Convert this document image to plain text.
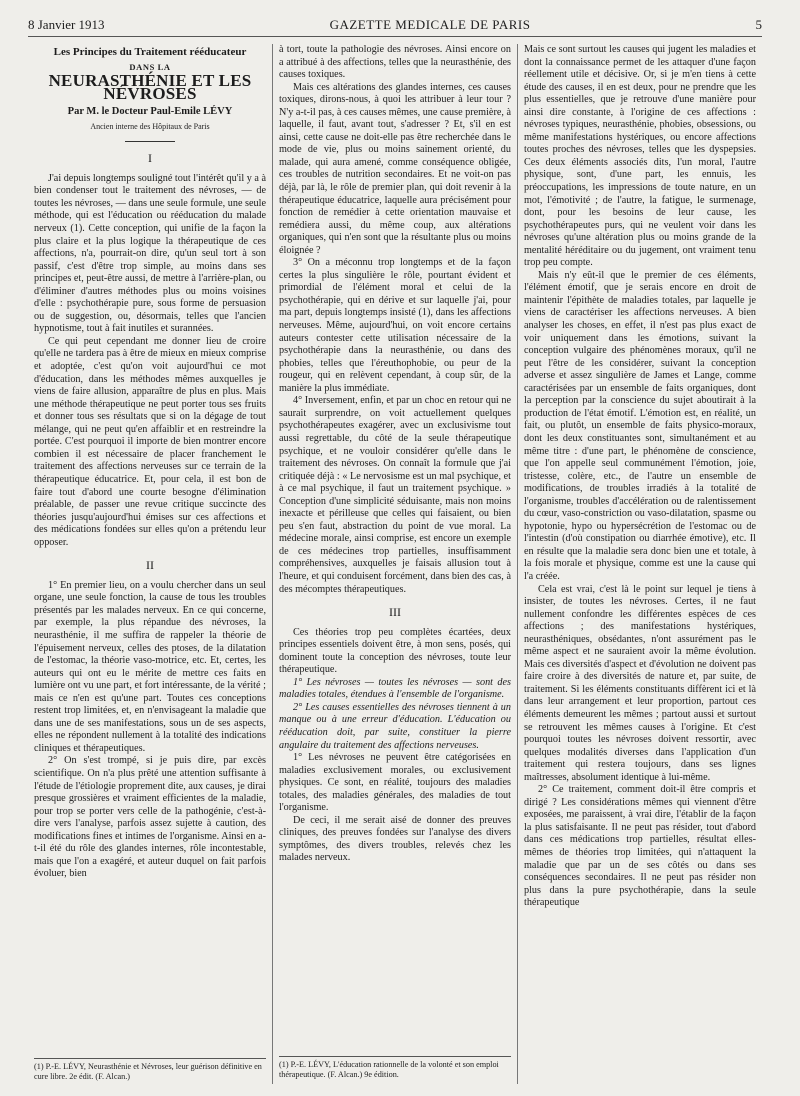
8 Janvier 1913	GAZETTE MEDICALE DE PARIS	5
Les Principes du Traitement rééducateur
DANS LA
NEURASTHÉNIE ET LES NÉVROSES
Par M. le Docteur Paul-Emile LÉVY
Ancien interne des Hôpitaux de Paris
I

J'ai depuis longtemps souligné tout l'intérêt qu'il y a à bien condenser tout le traitement des névroses, — de toutes les névroses, — dans une seule formule, une seule méthode, qui est l'éducation ou rééducation du malade nerveux (1). Cette conception, qui unifie de la façon la plus claire et la plus logique la thérapeutique de ces affections, n'a, pourrait-on dire, qu'un seul tort à son passif, c'est d'être trop simple, au moins dans ses principes et, peut-être aussi, de mettre à l'arrière-plan, ou d'éliminer d'autres méthodes plus ou moins voisines d'elle : psychothérapie pure, sous forme de persuasion ou de suggestion, ou, désormais, telles que l'ancien hypnotisme, tout à fait inutiles et surannées.

Ce qui peut cependant me donner lieu de croire qu'elle ne tardera pas à être de mieux en mieux comprise et adoptée, c'est qu'on voit aujourd'hui ce mot d'éducation, dans les méthodes mêmes auxquelles je viens de faire allusion, apparaître de plus en plus. Mais une méthode thérapeutique ne peut porter tous ses fruits et donner tous ses résultats que si on la dégage de tout mélange, qui ne peut qu'en affaiblir et en restreindre la portée. C'est pourquoi il importe de bien montrer encore combien il est nécessaire de placer franchement le traitement des affections nerveuses sur ce terrain de la thérapeutique éducatrice. Et, pour cela, il est bon de faire tout d'abord une courte besogne d'élimination préalable, de passer une revue critique succincte des théories jusqu'aujourd'hui émises sur ces affections et des médications fondées sur elles qu'on a prétendu leur opposer.

II

1° En premier lieu, on a voulu chercher dans un seul organe, une seule fonction, la cause de tous les troubles présentés par les malades nerveux. En ce qui concerne, par exemple, la plus répandue des névroses, la neurasthénie, il me suffira de rappeler la théorie de l'épuisement nerveux, celles des ptoses, de la dilatation de l'estomac, la théorie vaso-motrice, etc. Et, certes, les auteurs qui ont eu le mérite de mettre ces faits en lumière ont vu une part, et fort intéressante, de la vérité ; mais ce n'en est qu'une part. Toutes ces conceptions restent trop limitées, et, en n'envisageant la maladie que dans une de ses manifestations, sous un de ses aspects, elles ne répondent nullement à la totalité des indications cliniques et thérapeutiques.

2° On s'est trompé, si je puis dire, par excès scientifique. On n'a plus prêté une attention suffisante à l'étude de l'étiologie proprement dite, aux causes, je dirai presque grossières et vraiment efficientes de la maladie, pour trop se porter vers celle de la pathogénie, c'est-à-dire vers l'analyse, parfois assez sujette à caution, des modifications fines et intimes de l'organisme. Ainsi en a-t-il été du rôle des glandes internes, rôle incontestable, mais que l'on a exagéré, et auteur duquel on fait parfois évoluer, bien

(1) P.-E. LÉVY, Neurasthénie et Névroses, leur guérison définitive en cure libre. 2e édit. (F. Alcan.)

à tort, toute la pathologie des névroses. Ainsi encore on a attribué à des affections, telles que la neurasthénie, des causes toxiques.

Mais ces altérations des glandes internes, ces causes toxiques, dirons-nous, à quoi les attribuer à leur tour ? N'y a-t-il pas, à ces causes mêmes, une cause première, à laquelle, il faut, avant tout, s'adresser ? Et, s'il en est ainsi, cette cause ne doit-elle pas être recherchée dans le mode de vie, plus ou moins sainement orienté, du malade, qui aura amené, comme conséquence obligée, ces troubles de nutrition secondaires. Et ne voit-on pas déjà, par là, le rôle de premier plan, qui doit revenir à la thérapeutique éducatrice, laquelle aura précisément pour fonction de remédier à cette orientation mauvaise et remédiera aussi, du même coup, aux altérations organiques, qui n'en sont que la résultante plus ou moins éloignée ?

3° On a méconnu trop longtemps et de la façon certes la plus singulière le rôle, pourtant évident et primordial de l'élément moral et celui de la psychothérapie, qui en dérive et sur laquelle j'ai, pour ma part, depuis longtemps insisté (1), dans les affections nerveuses. Même, aujourd'hui, on voit encore certains auteurs contester cette utilisation nécessaire de la psychothérapie dans la neurasthénie, ou dans des phobies, telles que l'éreuthophobie, ou peur de la rougeur, qui en relèvent cependant, à coup sûr, de la manière la plus immédiate.

4° Inversement, enfin, et par un choc en retour qui ne saurait surprendre, on voit actuellement quelques psychothérapeutes exagérer, avec un exclusivisme tout aussi regrettable, du côté de la seule thérapeutique psychique, et ne vouloir considérer qu'elle dans le traitement des névroses. On connaît la formule que j'ai critiquée déjà : « Le nervosisme est un mal psychique, et à ce mal psychique, il faut un traitement psychique. » Conception d'une simplicité séduisante, mais non moins inexacte et périlleuse que celles qui faisaient, ou bien peu s'en faut, abstraction du point de vue moral. La médecine morale, ainsi comprise, est encore un exemple de ces médecines trop partielles, insuffisamment compréhensives, auxquelles je faisais allusion tout à l'heure, et qui conduisent forcément, dans bien des cas, à des mécomptes thérapeutiques.

III

Ces théories trop peu complètes écartées, deux principes essentiels doivent être, à mon sens, posés, qui dominent toute la conception des névroses, toute leur thérapeutique.

1° Les névroses — toutes les névroses — sont des maladies totales, étendues à l'ensemble de l'organisme.

2° Les causes essentielles des névroses tiennent à un manque ou à une erreur d'éducation. L'éducation ou rééducation doit, par suite, constituer la pierre angulaire du traitement des affections nerveuses.

1° Les névroses ne peuvent être catégorisées en maladies exclusivement morales, ou exclusivement physiques. Ce sont, en réalité, toujours des maladies totales, des maladies générales, des maladies de tout l'organisme.

De ceci, il me serait aisé de donner des preuves cliniques, des preuves fondées sur l'analyse des divers symptômes, des divers troubles, relevés chez les malades nerveux.

(1) P.-E. LÉVY, L'éducation rationnelle de la volonté et son emploi thérapeutique. (F. Alcan.) 9e édition.

Mais ce sont surtout les causes qui jugent les maladies et dont la connaissance permet de les attaquer d'une façon réellement utile et décisive. Or, si je m'en tiens à cette étude des causes, il en est deux, pour ne prendre que les plus essentielles, que je retrouve d'une manière pour ainsi dire constante, à l'origine de ces affections : névroses typiques, neurasthénie, phobies, obsessions, ou même manifestations hystériques, ou encore affections toutes proches des névroses, telles que les dyspepsies. Ces deux éléments associés dits, l'un moral, l'autre physique, sont, d'une part, les ennuis, les préoccupations, les impressions de toute nature, en un mot, l'émotivité ; de l'autre, la fatigue, le surmenage, dont, pour les besoins de leur cause, les psychothérapeutes purs, qui ne veulent voir dans les névroses qu'une altération plus ou moins grande de la mentalité héréditaire ou du jugement, ont vraiment tenu trop peu compte.

Mais n'y eût-il que le premier de ces éléments, l'élément émotif, que je serais encore en droit de maintenir l'épithète de maladies totales, par laquelle je viens de caractériser les affections nerveuses. A bien analyser les choses, en effet, il n'est pas plus exact de voir uniquement dans les émotions, suivant la conception vulgaire des phénomènes moraux, qu'il ne peut l'être de les considérer, suivant la conception adverse et assez singulière de James et Lange, comme caractérisées par un ensemble de faits organiques, dont la perception par la conscience du sujet aboutirait à la production de l'état émotif. L'émotion est, en réalité, un fait, ou plutôt, un ensemble de faits physico-moraux, dont les deux constituantes sont, simultanément et au même titre : d'une part, le phénomène de conscience, que l'on appelle seul communément l'émotion, joie, tristesse, colère, etc., de l'autre un ensemble de modifications, de troubles irradiés à la totalité de l'organisme, troubles d'accélération ou de ralentissement du cœur, vaso-constriction ou vaso-dilatation, spasme ou hypotonie, hypo ou hypersécrétion de l'estomac ou de l'intestin (d'où constipation ou diarrhée émotive), etc. Il en résulte que la maladie sera donc bien une et totale, à la fois morale et physique, comme est une la cause qui l'a créée.

Cela est vrai, c'est là le point sur lequel je tiens à insister, de toutes les névroses. Certes, il ne faut nullement confondre les différentes espèces de ces affections ; des manifestations hystériques, neurasthéniques, obsédantes, n'ont assurément pas le même aspect et ne sauraient avoir la même évolution. Mais ces diversités d'aspect et d'évolution ne doivent pas faire croire à des diversités de nature et, par suite, de traitement. Si les éléments constituants diffèrent ici et là dans leur arrangement et leur proportion, partout ces éléments demeurent les mêmes ; partout aussi et surtout se retrouvent les mêmes causes à l'origine. Et c'est pourquoi toutes les névroses doivent ressortir, avec quelques modalités diverses dans l'application d'un traitement qui restera toujours, dans ses lignes maîtresses, absolument identique à lui-même.

2° Ce traitement, comment doit-il être compris et dirigé ? Les considérations mêmes qui viennent d'être exposées, me paraissent, à vrai dire, l'établir de la façon la plus satisfaisante. Il ne peut pas résider, tout d'abord dans ces médications trop partielles, résultat elles-mêmes de théories trop limitées, qui n'attaquent la maladie que par un de ses côtés ou dans ses conséquences secondaires. Il ne peut pas résider non plus dans la pure psychothérapie, dans la seule thérapeutique
